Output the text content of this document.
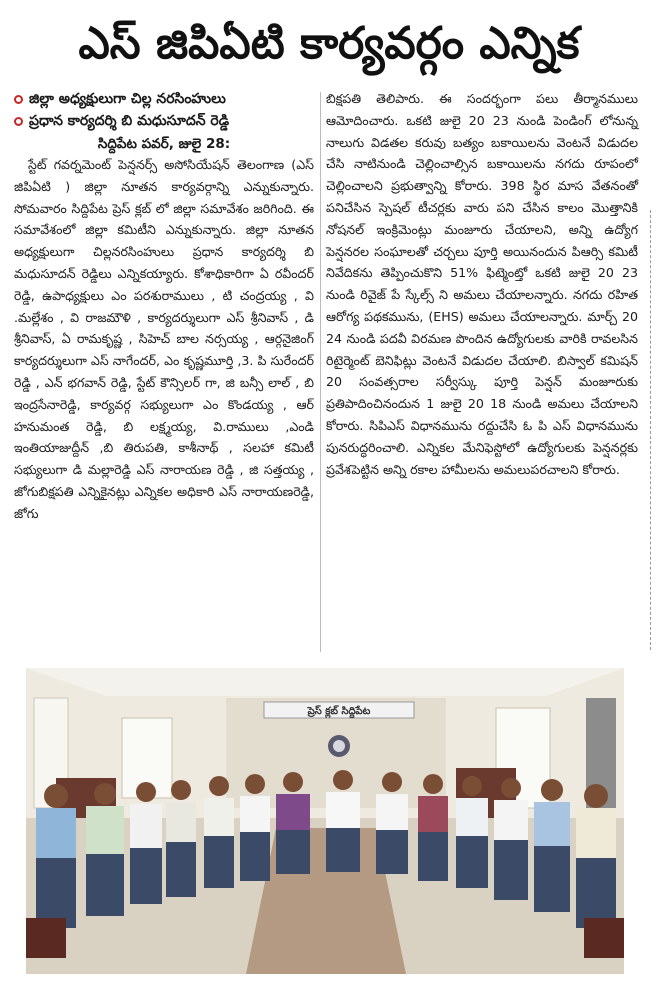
ఎస్ జిపిఏటి కార్యవర్గం ఎన్నిక
జిల్లా అధ్యక్షులుగా చిల్ల నరసింహులు
ప్రధాన కార్యదర్శి బి మధుసూదన్ రెడ్డి
సిద్దిపేట పవర్, జులై 28:

స్టేట్ గవర్నమెంట్ పెన్షనర్స్ అసోసియేషన్ తెలంగాణ (ఎస్ జిపిఏటి ) జిల్లా నూతన కార్యవర్గాన్ని ఎన్నుకున్నారు. సోమవారం సిద్దిపేట ప్రెస్ క్లబ్ లో జిల్లా సమావేశం జరిగింది. ఈ సమావేశంలో జిల్లా కమిటీని ఎన్నుకున్నారు. జిల్లా నూతన అధ్యక్షులుగా చిల్లనరసింహులు ప్రధాన కార్యదర్శి బి మధుసూదన్ రెడ్డిలు ఎన్నికయ్యారు. కోశాధికారిగా ఏ రవీందర్ రెడ్డి, ఉపాధ్యక్షులు ఎం పరశురాములు , టి చంద్రయ్య , వి .మల్లేశం , వి రాజమౌళి , కార్యదర్శులుగా ఎస్ శ్రీనివాస్ , డి శ్రీనివాస్, ఏ రామకృష్ణ , సిహెచ్ బాల నర్సయ్య , ఆర్గనైజింగ్ కార్యదర్శులుగా ఎస్ నాగేందర్, ఎం కృష్ణమూర్తి ,3. పి సురేందర్ రెడ్డి , ఎన్ భగవాన్ రెడ్డి, స్టేట్ కౌన్సిలర్ గా, జి బన్సీ లాల్ , బి ఇంద్రసేనారెడ్డి, కార్యవర్గ సభ్యులుగా ఎం కొండయ్య , ఆర్ హనుమంత రెడ్డి, బి లక్ష్మయ్య, వి.రాములు ,ఎండి ఇంతియాజుద్దీన్ ,బి తిరుపతి, కాశీనాథ్ , సలహా కమిటీ సభ్యులుగా డి మల్లారెడ్డి ఎస్ నారాయణ రెడ్డి , జి సత్తయ్య , జోగుబిక్షపతి ఎన్నికైనట్లు ఎన్నికల అధికారి ఎస్ నారాయణరెడ్డి, జోగు

బిక్షపతి తెలిపారు. ఈ సందర్భంగా పలు తీర్మానములు ఆమోదించారు. ఒకటి జులై 20 23 నుండి పెండింగ్ లోనున్న నాలుగు విడతల కరువు బత్యం బకాయిలను వెంటనే విడుదల చేసి నాటినుండి చెల్లించాల్సిన బకాయిలను నగదు రూపంలో చెల్లించాలని ప్రభుత్వాన్ని కోరారు. 398 స్థిర మాస వేతనంతో పనిచేసిన స్పెషల్ టీచర్లకు వారు పని చేసిన కాలం మొత్తానికి నోషనల్ ఇంక్రిమెంట్లు మంజూరు చేయాలని, అన్ని ఉద్యోగ పెన్షనరల సంఘాలతో చర్చలు పూర్తి అయినందున పిఆర్సి కమిటీ నివేదికను తెప్పించుకొని 51% ఫిట్మెంట్తో ఒకటి జులై 20 23 నుండి రివైజ్ పే స్కేల్స్ ని అమలు చేయాలన్నారు. నగదు రహిత ఆరోగ్య పథకమును, (EHS) అమలు చేయాలన్నారు. మార్చ్ 20 24 నుండి పదవీ విరమణ పొందిన ఉద్యోగులకు వారికి రావలసిన రిటైర్మెంట్ బెనిఫిట్లు వెంటనే విడుదల చేయాలి. బిస్వాల్ కమిషన్ 20 సంవత్సరాల సర్వీస్కు పూర్తి పెన్షన్ మంజూరుకు ప్రతిపాదించినందున 1 జులై 20 18 నుండి అమలు చేయాలని కోరారు. సిపిఎస్ విధానమును రద్దుచేసి ఓ పి ఎస్ విధానమును పునరుద్ధరించాలి. ఎన్నికల మేనిఫెస్టోలో ఉద్యోగులకు పెన్షనర్లకు ప్రవేశపెట్టిన అన్ని రకాల హామీలను అమలుపరచాలని కోరారు.

ప్రెస్ క్లబ్ సిద్దిపేట
